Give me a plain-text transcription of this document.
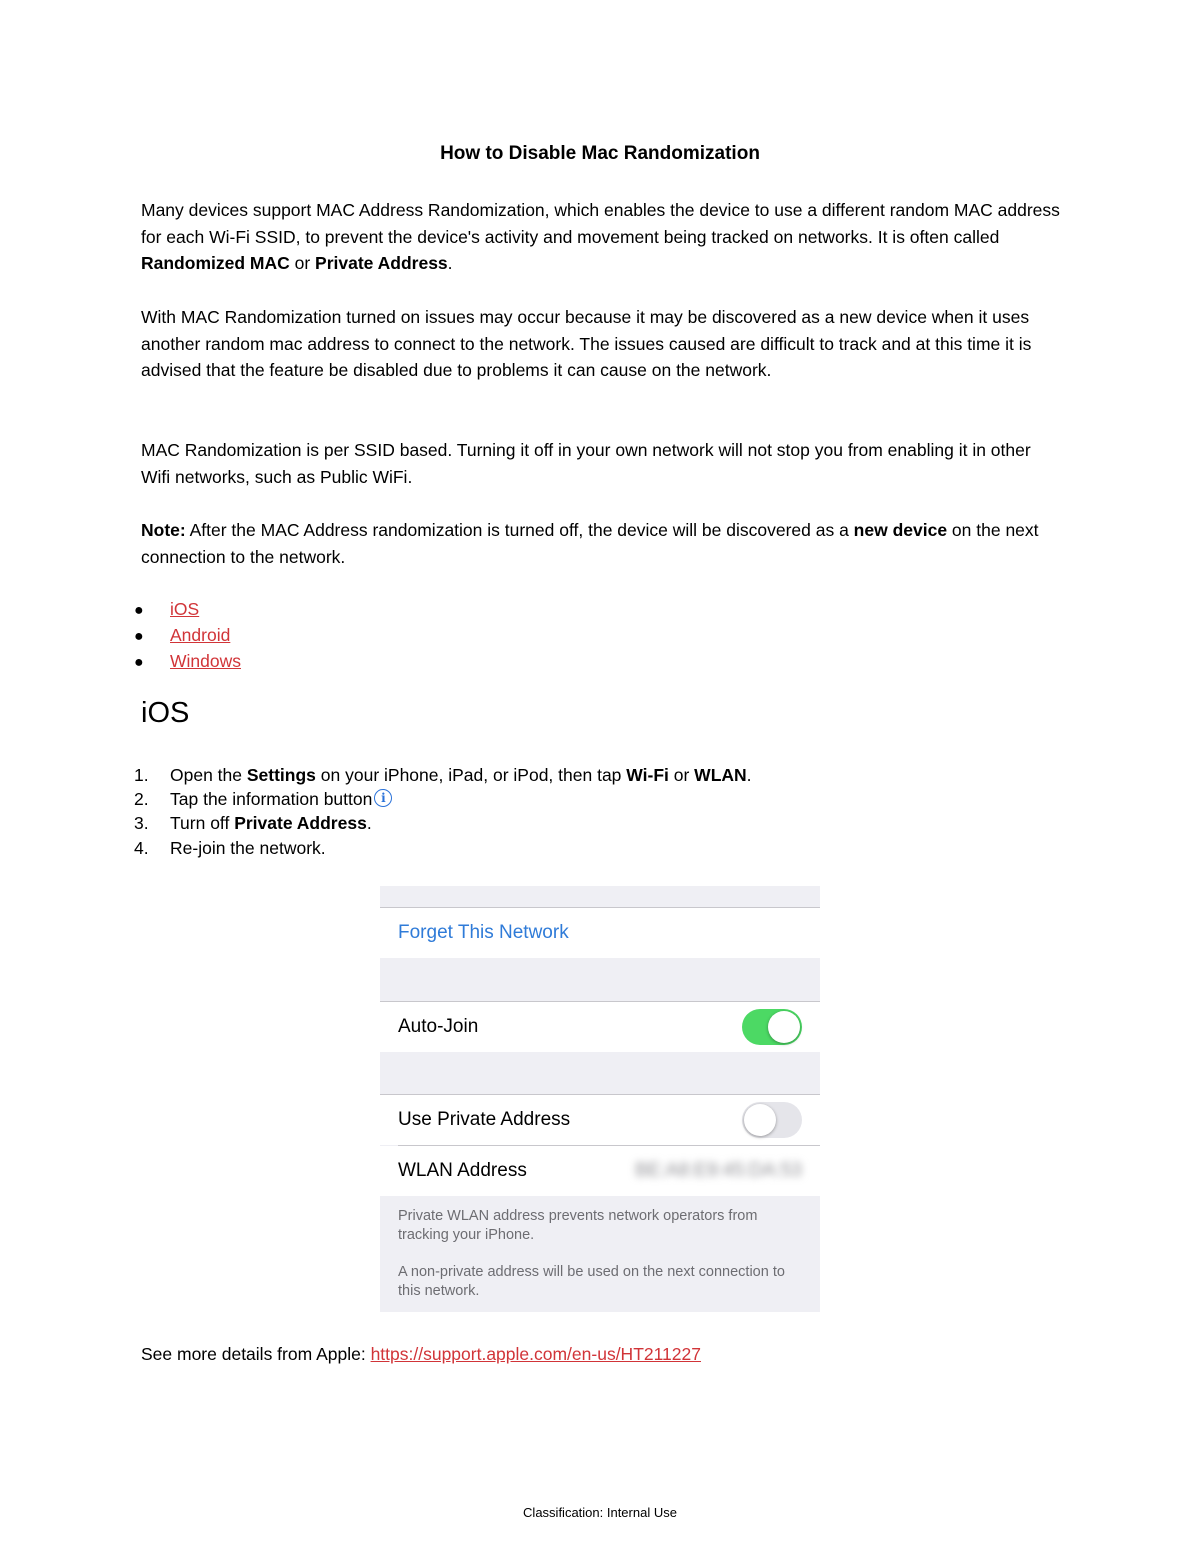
How to Disable Mac Randomization
Many devices support MAC Address Randomization, which enables the device to use a different random MAC address for each Wi-Fi SSID, to prevent the device's activity and movement being tracked on networks. It is often called Randomized MAC or Private Address.
With MAC Randomization turned on issues may occur because it may be discovered as a new device when it uses another random mac address to connect to the network. The issues caused are difficult to track and at this time it is advised that the feature be disabled due to problems it can cause on the network.
MAC Randomization is per SSID based. Turning it off in your own network will not stop you from enabling it in other Wifi networks, such as Public WiFi.
Note: After the MAC Address randomization is turned off, the device will be discovered as a new device on the next connection to the network.
● iOS
● Android
● Windows
iOS
1. Open the Settings on your iPhone, iPad, or iPod, then tap Wi-Fi or WLAN.
2. Tap the information button i
3. Turn off Private Address.
4. Re-join the network.
Forget This Network
Auto-Join
Use Private Address
WLAN Address	BE:A8:E9:45:DA:53
Private WLAN address prevents network operators from tracking your iPhone.
A non-private address will be used on the next connection to this network.
See more details from Apple: https://support.apple.com/en-us/HT211227
Classification: Internal Use
